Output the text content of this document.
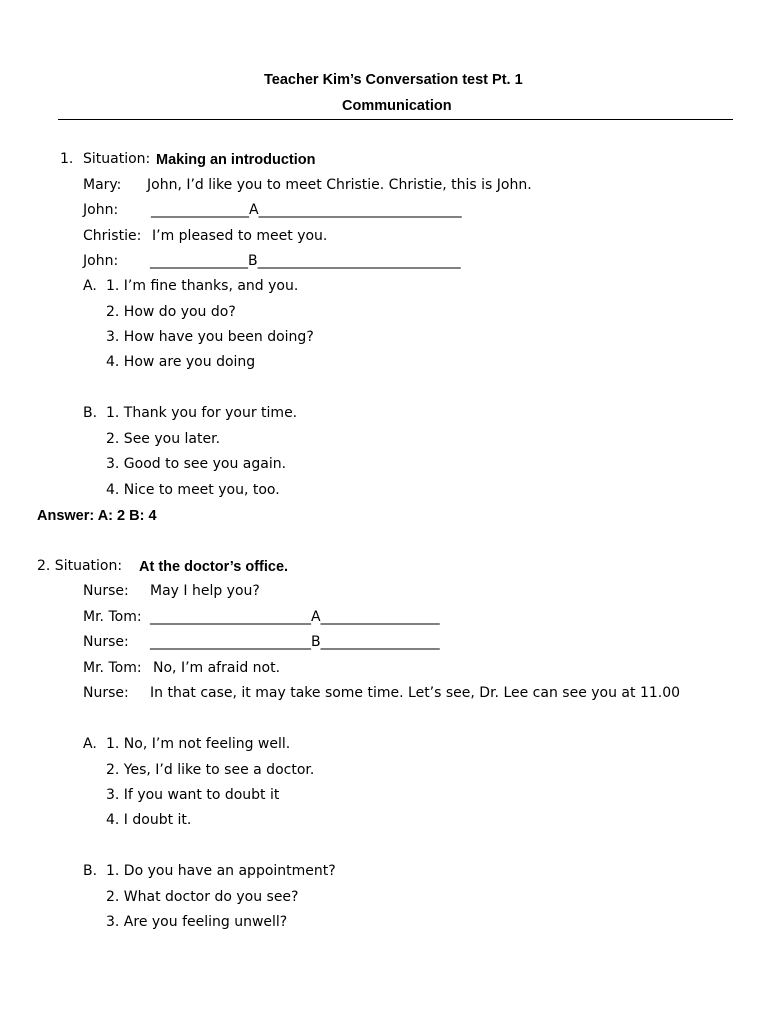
Teacher Kim’s Conversation test Pt. 1
Communication
1. Situation: Making an introduction
Mary: John, I’d like you to meet Christie. Christie, this is John.
John: ______________A_____________________________
Christie: I’m pleased to meet you.
John: ______________B_____________________________
A. 1. I’m fine thanks, and you.
2. How do you do?
3. How have you been doing?
4. How are you doing
B. 1. Thank you for your time.
2. See you later.
3. Good to see you again.
4. Nice to meet you, too.
Answer: A: 2 B: 4
2. Situation: At the doctor’s office.
Nurse: May I help you?
Mr. Tom: _______________________A_________________
Nurse: _______________________B_________________
Mr. Tom: No, I’m afraid not.
Nurse: In that case, it may take some time. Let’s see, Dr. Lee can see you at 11.00
A. 1. No, I’m not feeling well.
2. Yes, I’d like to see a doctor.
3. If you want to doubt it
4. I doubt it.
B. 1. Do you have an appointment?
2. What doctor do you see?
3. Are you feeling unwell?
